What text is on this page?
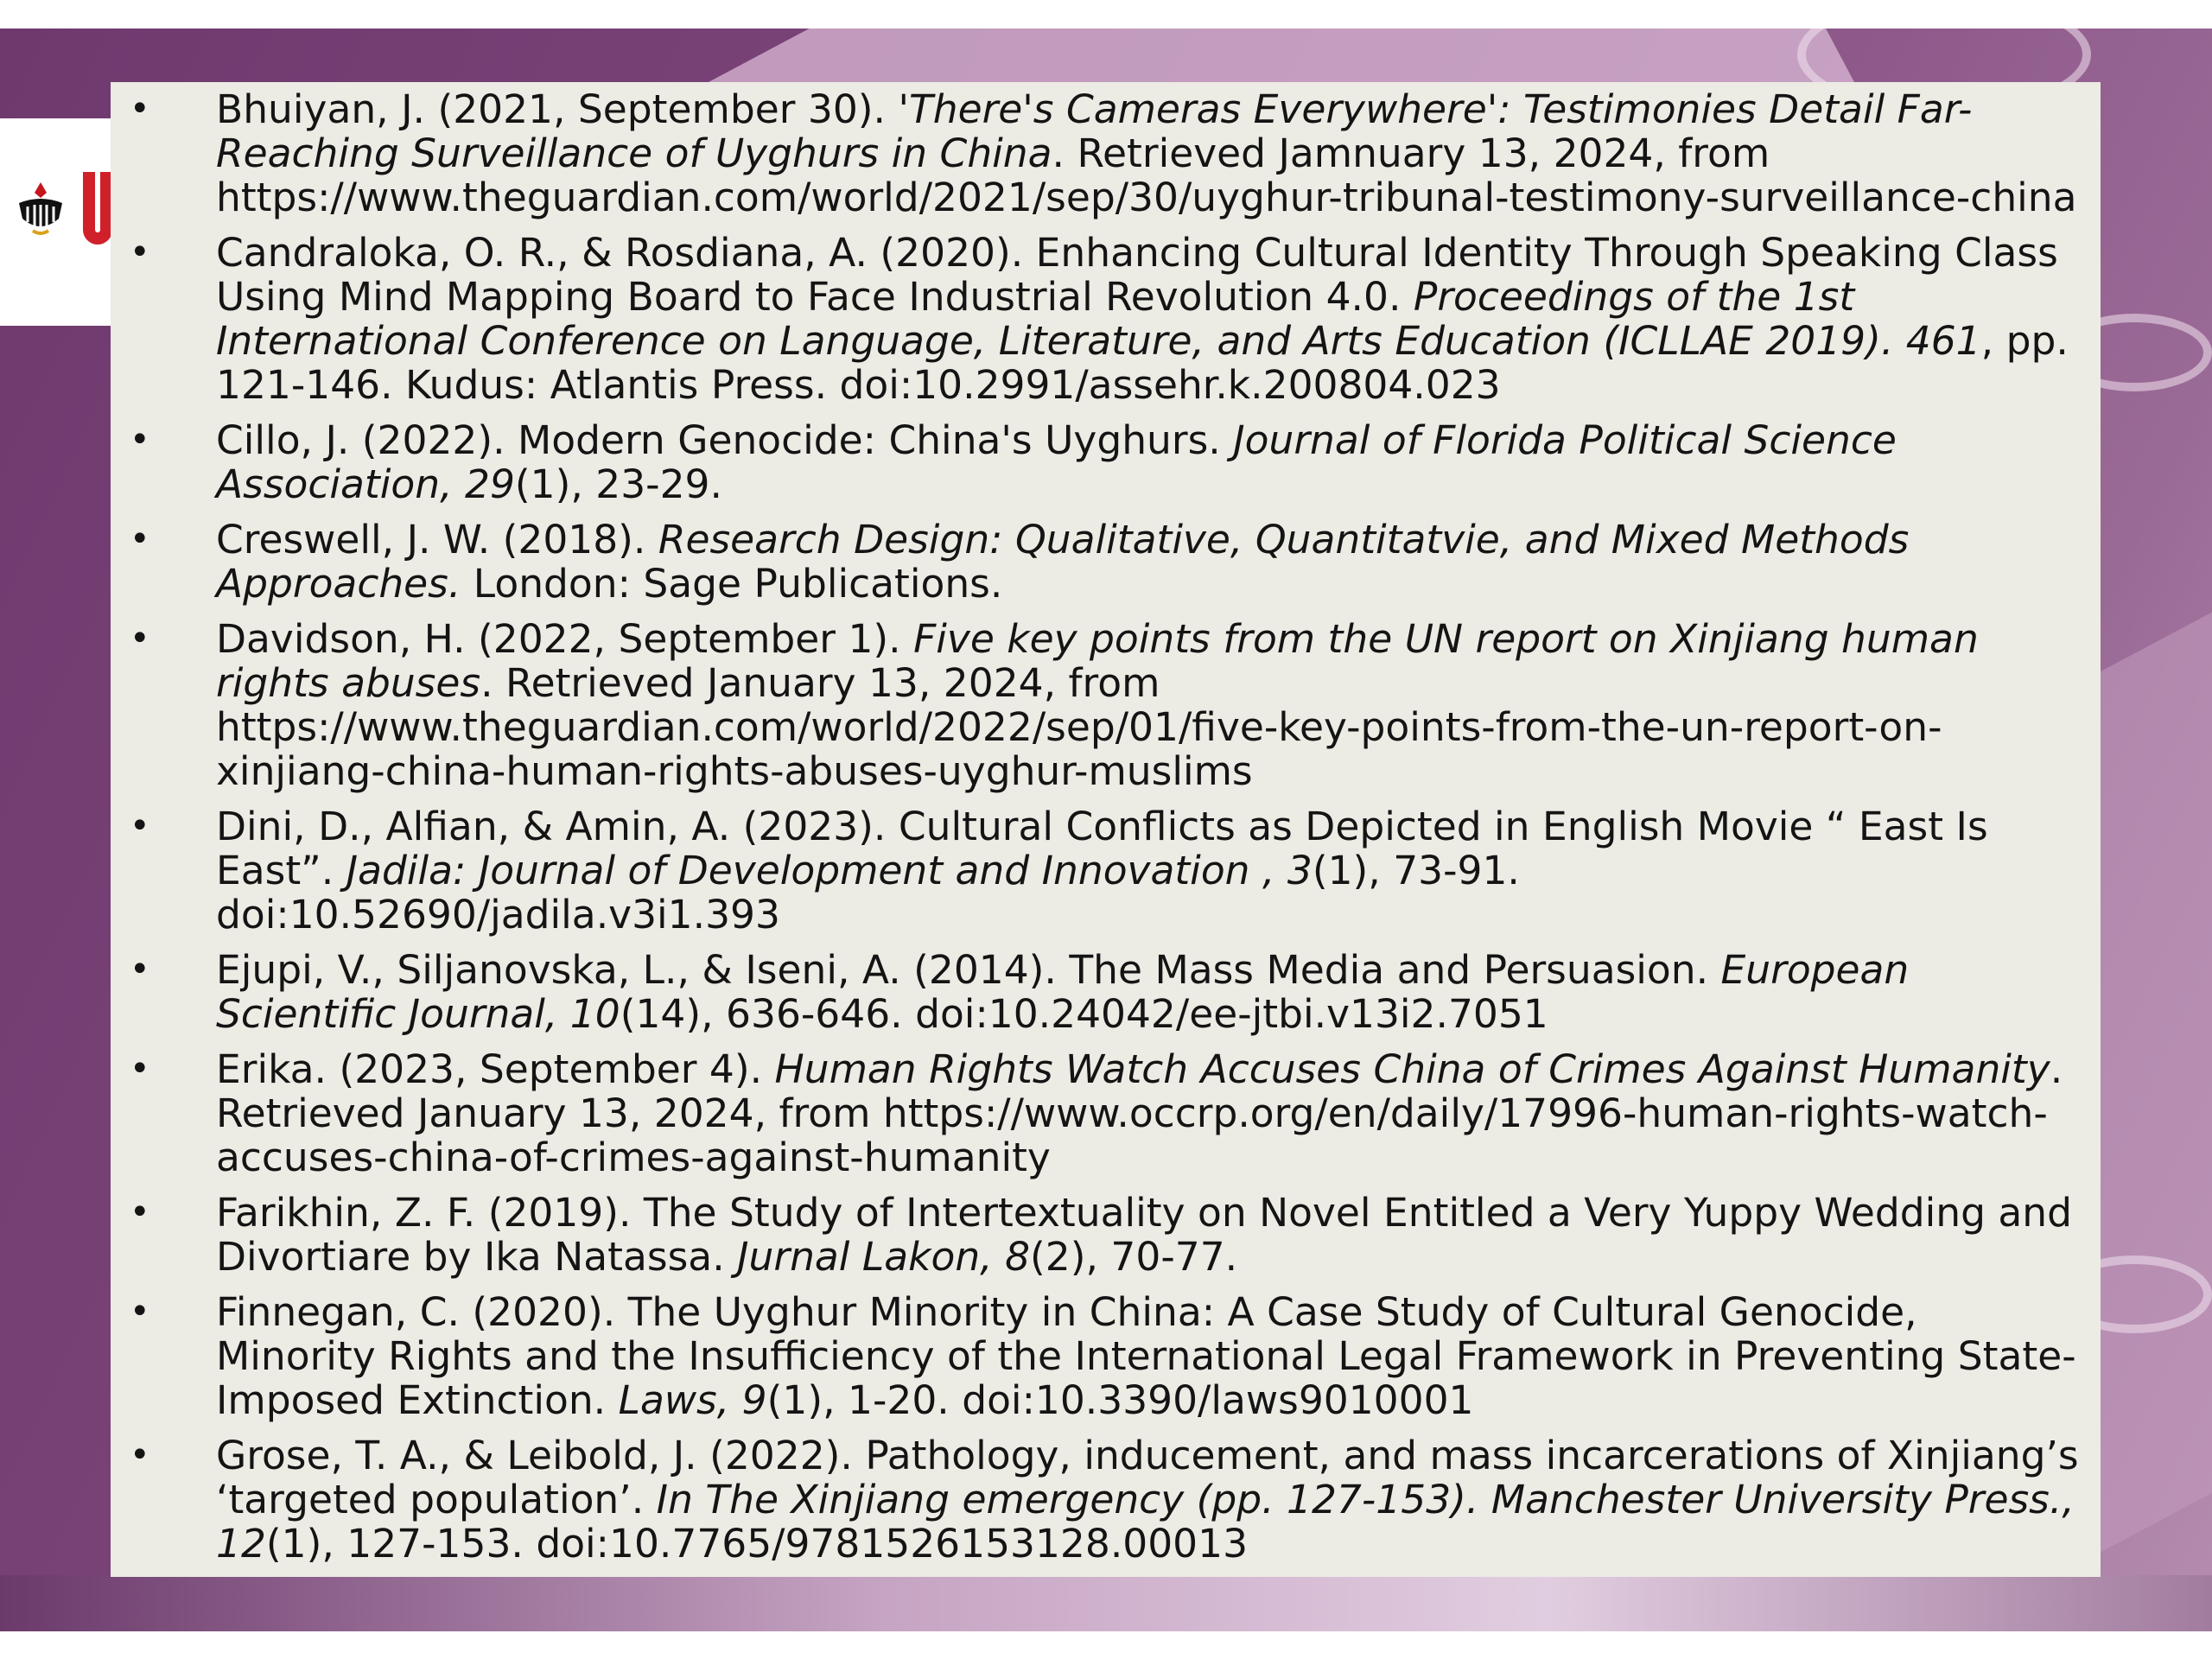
• Bhuiyan, J. (2021, September 30). 'There's Cameras Everywhere': Testimonies Detail Far-Reaching Surveillance of Uyghurs in China. Retrieved Jamnuary 13, 2024, from https://www.theguardian.com/world/2021/sep/30/uyghur-tribunal-testimony-surveillance-china
• Candraloka, O. R., & Rosdiana, A. (2020). Enhancing Cultural Identity Through Speaking Class Using Mind Mapping Board to Face Industrial Revolution 4.0. Proceedings of the 1st International Conference on Language, Literature, and Arts Education (ICLLAE 2019). 461, pp. 121-146. Kudus: Atlantis Press. doi:10.2991/assehr.k.200804.023
• Cillo, J. (2022). Modern Genocide: China's Uyghurs. Journal of Florida Political Science Association, 29(1), 23-29.
• Creswell, J. W. (2018). Research Design: Qualitative, Quantitatvie, and Mixed Methods Approaches. London: Sage Publications.
• Davidson, H. (2022, September 1). Five key points from the UN report on Xinjiang human rights abuses. Retrieved January 13, 2024, from https://www.theguardian.com/world/2022/sep/01/five-key-points-from-the-un-report-on-xinjiang-china-human-rights-abuses-uyghur-muslims
• Dini, D., Alfian, & Amin, A. (2023). Cultural Conflicts as Depicted in English Movie “ East Is East”. Jadila: Journal of Development and Innovation , 3(1), 73-91. doi:10.52690/jadila.v3i1.393
• Ejupi, V., Siljanovska, L., & Iseni, A. (2014). The Mass Media and Persuasion. European Scientific Journal, 10(14), 636-646. doi:10.24042/ee-jtbi.v13i2.7051
• Erika. (2023, September 4). Human Rights Watch Accuses China of Crimes Against Humanity. Retrieved January 13, 2024, from https://www.occrp.org/en/daily/17996-human-rights-watch-accuses-china-of-crimes-against-humanity
• Farikhin, Z. F. (2019). The Study of Intertextuality on Novel Entitled a Very Yuppy Wedding and Divortiare by Ika Natassa. Jurnal Lakon, 8(2), 70-77.
• Finnegan, C. (2020). The Uyghur Minority in China: A Case Study of Cultural Genocide, Minority Rights and the Insufficiency of the International Legal Framework in Preventing State-Imposed Extinction. Laws, 9(1), 1-20. doi:10.3390/laws9010001
• Grose, T. A., & Leibold, J. (2022). Pathology, inducement, and mass incarcerations of Xinjiang’s ‘targeted population’. In The Xinjiang emergency (pp. 127-153). Manchester University Press., 12(1), 127-153. doi:10.7765/9781526153128.00013
